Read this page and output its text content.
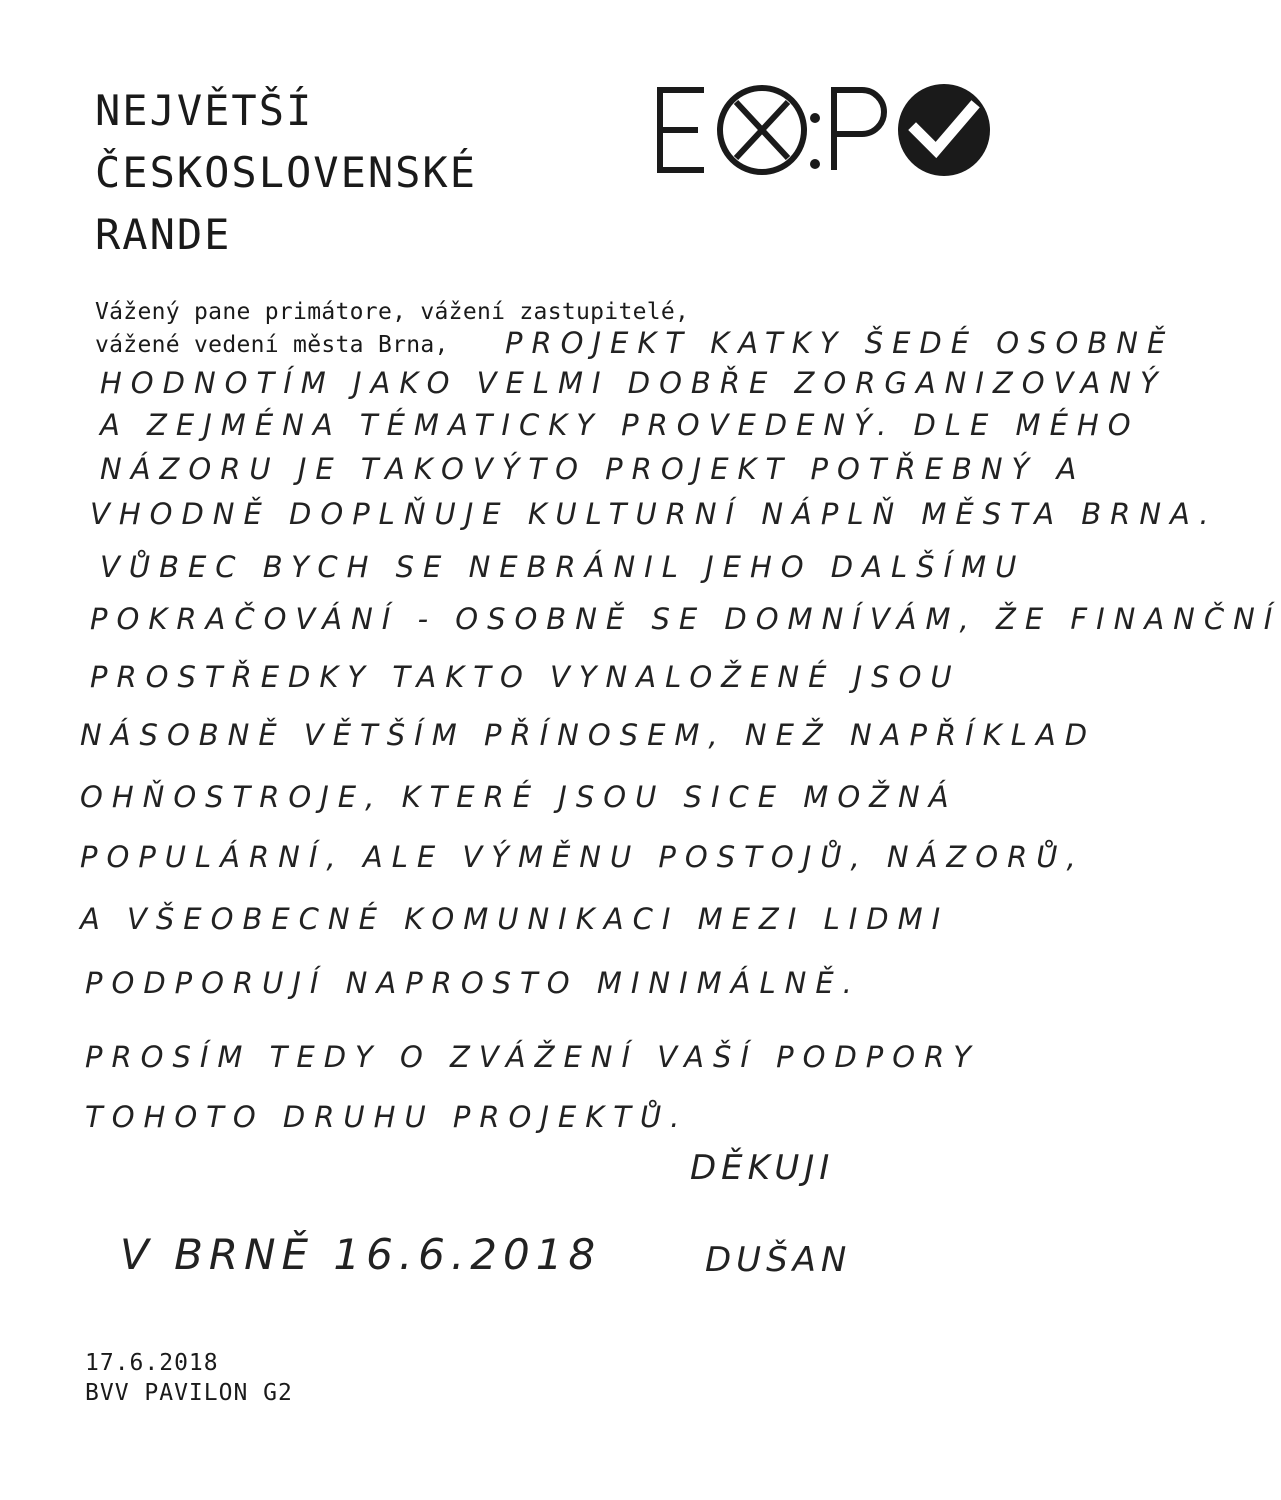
NEJVĚTŠÍ
ČESKOSLOVENSKÉ
RANDE
Vážený pane primátore, vážení zastupitelé,
vážené vedení města Brna,	PROJEKT KATKY ŠEDÉ OSOBNĚ
HODNOTÍM JAKO VELMI DOBŘE ZORGANIZOVANÝ
A ZEJMÉNA TÉMATICKY PROVEDENÝ. DLE MÉHO
NÁZORU JE TAKOVÝTO PROJEKT POTŘEBNÝ A
VHODNĚ DOPLŇUJE KULTURNÍ NÁPLŇ MĚSTA BRNA.
VŮBEC BYCH SE NEBRÁNIL JEHO DALŠÍMU
POKRAČOVÁNÍ - OSOBNĚ SE DOMNÍVÁM, ŽE FINANČNÍ
PROSTŘEDKY TAKTO VYNALOŽENÉ JSOU
NÁSOBNĚ VĚTŠÍM PŘÍNOSEM, NEŽ NAPŘÍKLAD
OHŇOSTROJE, KTERÉ JSOU SICE MOŽNÁ
POPULÁRNÍ, ALE VÝMĚNU POSTOJŮ, NÁZORŮ,
A VŠEOBECNÉ KOMUNIKACI MEZI LIDMI
PODPORUJÍ NAPROSTO MINIMÁLNĚ.
PROSÍM TEDY O ZVÁŽENÍ VAŠÍ PODPORY
TOHOTO DRUHU PROJEKTŮ.
DĚKUJI
V BRNĚ 16.6.2018	DUŠAN
17.6.2018
BVV PAVILON G2
